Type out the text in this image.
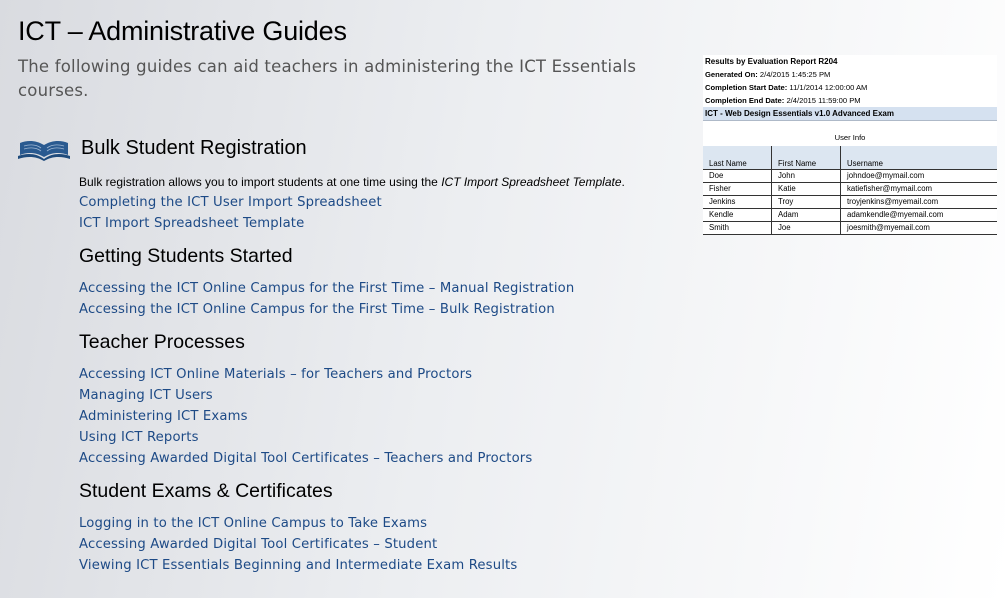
ICT – Administrative Guides
The following guides can aid teachers in administering the ICT Essentials courses.
Bulk Student Registration
Bulk registration allows you to import students at one time using the ICT Import Spreadsheet Template.
Completing the ICT User Import Spreadsheet
ICT Import Spreadsheet Template
Getting Students Started
Accessing the ICT Online Campus for the First Time – Manual Registration
Accessing the ICT Online Campus for the First Time – Bulk Registration
Teacher Processes
Accessing ICT Online Materials – for Teachers and Proctors
Managing ICT Users
Administering ICT Exams
Using ICT Reports
Accessing Awarded Digital Tool Certificates – Teachers and Proctors
Student Exams & Certificates
Logging in to the ICT Online Campus to Take Exams
Accessing Awarded Digital Tool Certificates – Student
Viewing ICT Essentials Beginning and Intermediate Exam Results
Results by Evaluation Report R204
Generated On: 2/4/2015 1:45:25 PM
Completion Start Date: 11/1/2014 12:00:00 AM
Completion End Date: 2/4/2015 11:59:00 PM
ICT - Web Design Essentials v1.0 Advanced Exam
User Info
Last Name	First Name	Username
Doe	John	johndoe@mymail.com
Fisher	Katie	katiefisher@mymail.com
Jenkins	Troy	troyjenkins@myemail.com
Kendle	Adam	adamkendle@myemail.com
Smith	Joe	joesmith@myemail.com
